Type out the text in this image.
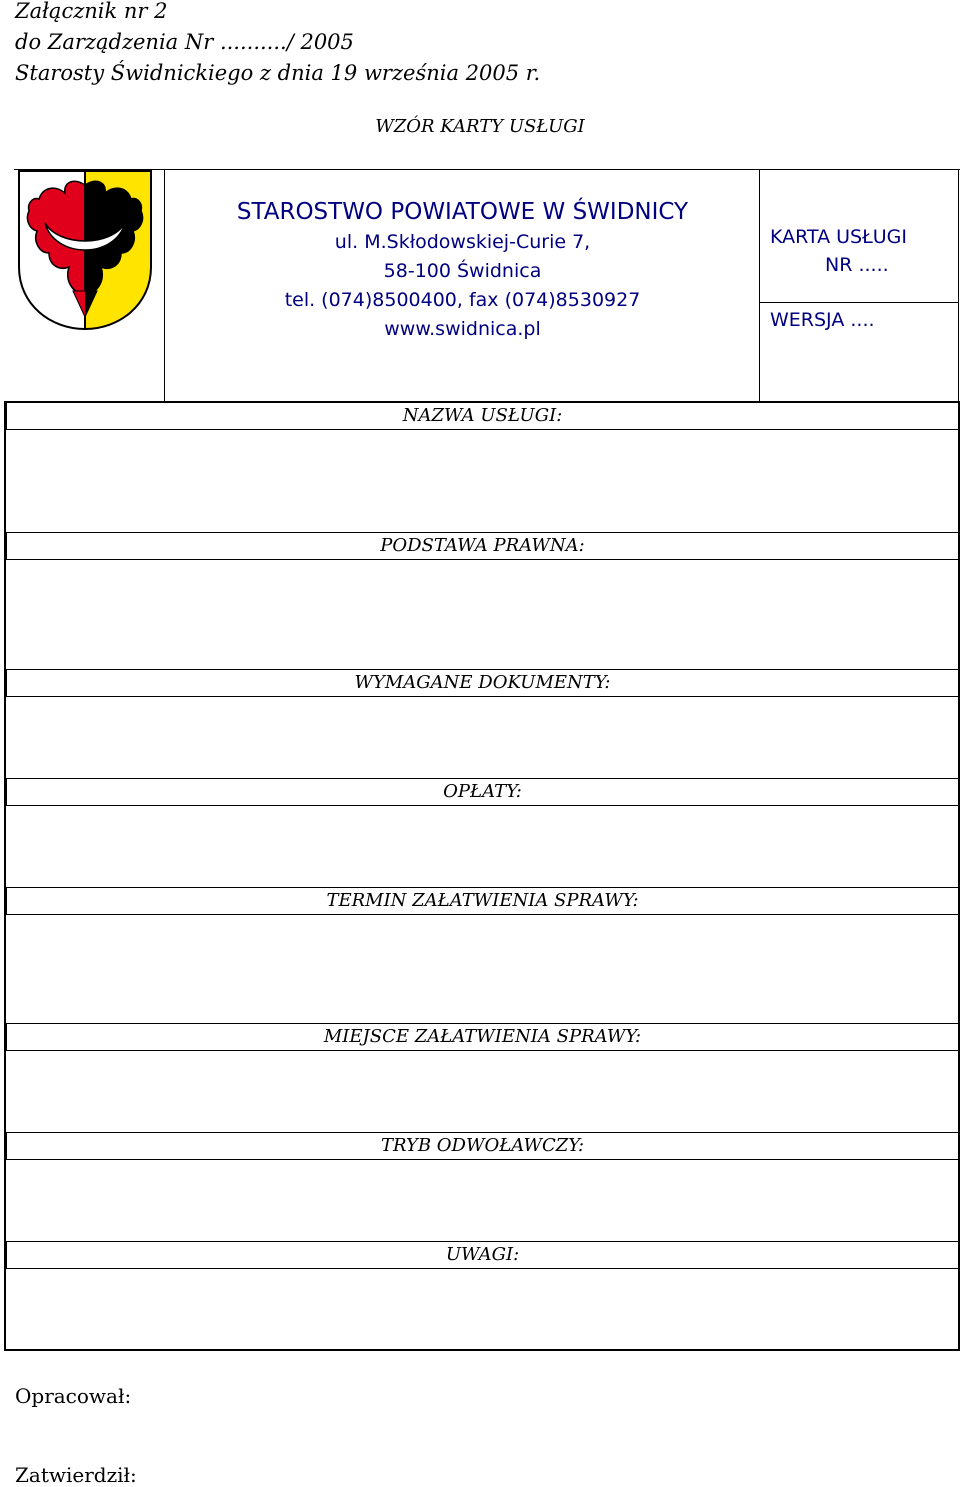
Załącznik nr 2
do Zarządzenia Nr ........../ 2005
Starosty Świdnickiego z dnia 19 września 2005 r.
WZÓR KARTY USŁUGI
STAROSTWO POWIATOWE W ŚWIDNICY
ul. M.Skłodowskiej-Curie 7,
58-100 Świdnica
tel. (074)8500400, fax (074)8530927
www.swidnica.pl
KARTA USŁUGI
NR .....
WERSJA ....
NAZWA USŁUGI:
PODSTAWA PRAWNA:
WYMAGANE DOKUMENTY:
OPŁATY:
TERMIN ZAŁATWIENIA SPRAWY:
MIEJSCE ZAŁATWIENIA SPRAWY:
TRYB ODWOŁAWCZY:
UWAGI:
Opracował:
Zatwierdził:
